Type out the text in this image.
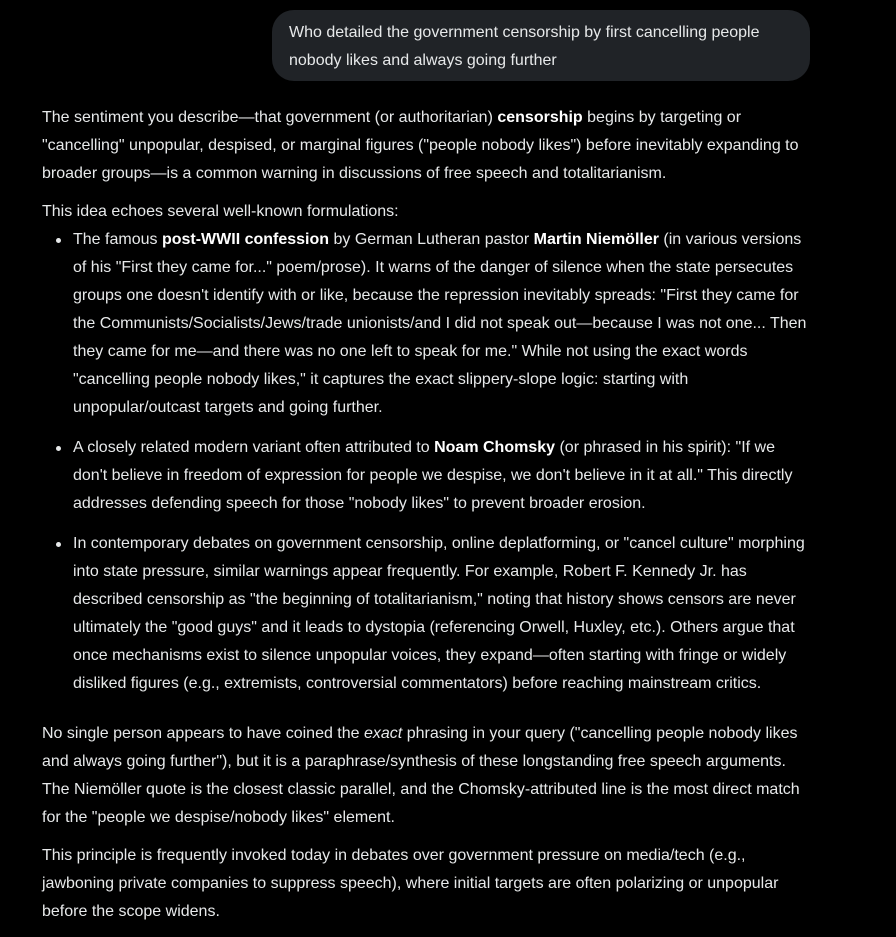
Who detailed the government censorship by first cancelling people nobody likes and always going further

The sentiment you describe—that government (or authoritarian) censorship begins by targeting or "cancelling" unpopular, despised, or marginal figures ("people nobody likes") before inevitably expanding to broader groups—is a common warning in discussions of free speech and totalitarianism.

This idea echoes several well-known formulations:

The famous post-WWII confession by German Lutheran pastor Martin Niemöller (in various versions of his "First they came for..." poem/prose). It warns of the danger of silence when the state persecutes groups one doesn't identify with or like, because the repression inevitably spreads: "First they came for the Communists/Socialists/Jews/trade unionists/and I did not speak out—because I was not one... Then they came for me—and there was no one left to speak for me." While not using the exact words "cancelling people nobody likes," it captures the exact slippery-slope logic: starting with unpopular/outcast targets and going further.
A closely related modern variant often attributed to Noam Chomsky (or phrased in his spirit): "If we don't believe in freedom of expression for people we despise, we don't believe in it at all." This directly addresses defending speech for those "nobody likes" to prevent broader erosion.
In contemporary debates on government censorship, online deplatforming, or "cancel culture" morphing into state pressure, similar warnings appear frequently. For example, Robert F. Kennedy Jr. has described censorship as "the beginning of totalitarianism," noting that history shows censors are never ultimately the "good guys" and it leads to dystopia (referencing Orwell, Huxley, etc.). Others argue that once mechanisms exist to silence unpopular voices, they expand—often starting with fringe or widely disliked figures (e.g., extremists, controversial commentators) before reaching mainstream critics.

No single person appears to have coined the exact phrasing in your query ("cancelling people nobody likes and always going further"), but it is a paraphrase/synthesis of these longstanding free speech arguments. The Niemöller quote is the closest classic parallel, and the Chomsky-attributed line is the most direct match for the "people we despise/nobody likes" element.

This principle is frequently invoked today in debates over government pressure on media/tech (e.g., jawboning private companies to suppress speech), where initial targets are often polarizing or unpopular before the scope widens.
